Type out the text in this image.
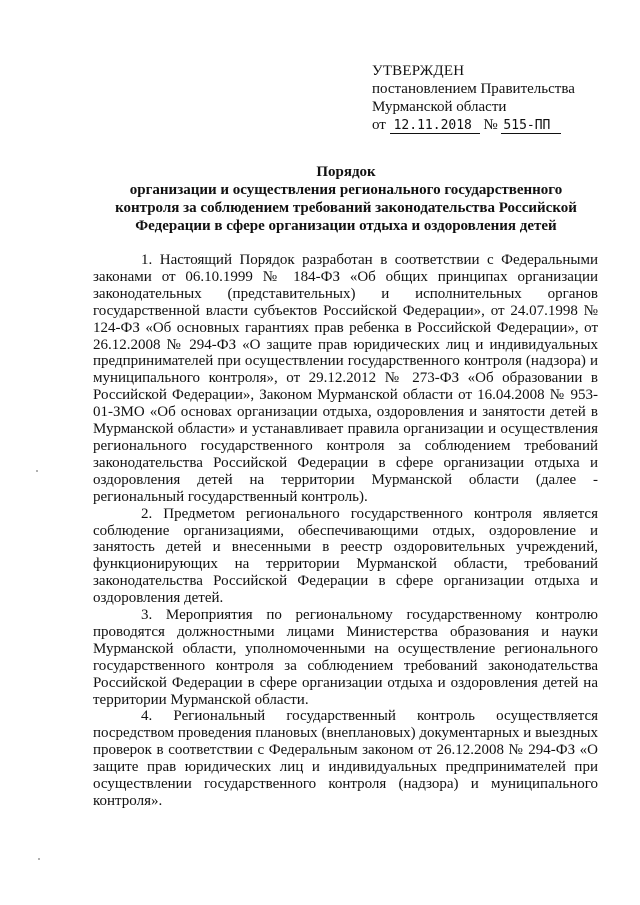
УТВЕРЖДЕН
постановлением Правительства
Мурманской области
от 12.11.2018 № 515-ПП
Порядок
организации и осуществления регионального государственного
контроля за соблюдением требований законодательства Российской
Федерации в сфере организации отдыха и оздоровления детей

1. Настоящий Порядок разработан в соответствии с Федеральными законами от 06.10.1999 № 184-ФЗ «Об общих принципах организации законодательных (представительных) и исполнительных органов государственной власти субъектов Российской Федерации», от 24.07.1998 № 124-ФЗ «Об основных гарантиях прав ребенка в Российской Федерации», от 26.12.2008 № 294-ФЗ «О защите прав юридических лиц и индивидуальных предпринимателей при осуществлении государственного контроля (надзора) и муниципального контроля», от 29.12.2012 № 273-ФЗ «Об образовании в Российской Федерации», Законом Мурманской области от 16.04.2008 № 953-01-ЗМО «Об основах организации отдыха, оздоровления и занятости детей в Мурманской области» и устанавливает правила организации и осуществления регионального государственного контроля за соблюдением требований законодательства Российской Федерации в сфере организации отдыха и оздоровления детей на территории Мурманской области (далее - региональный государственный контроль).

2. Предметом регионального государственного контроля является соблюдение организациями, обеспечивающими отдых, оздоровление и занятость детей и внесенными в реестр оздоровительных учреждений, функционирующих на территории Мурманской области, требований законодательства Российской Федерации в сфере организации отдыха и оздоровления детей.

3. Мероприятия по региональному государственному контролю проводятся должностными лицами Министерства образования и науки Мурманской области, уполномоченными на осуществление регионального государственного контроля за соблюдением требований законодательства Российской Федерации в сфере организации отдыха и оздоровления детей на территории Мурманской области.

4. Региональный государственный контроль осуществляется посредством проведения плановых (внеплановых) документарных и выездных проверок в соответствии с Федеральным законом от 26.12.2008 № 294-ФЗ «О защите прав юридических лиц и индивидуальных предпринимателей при осуществлении государственного контроля (надзора) и муниципального контроля».
